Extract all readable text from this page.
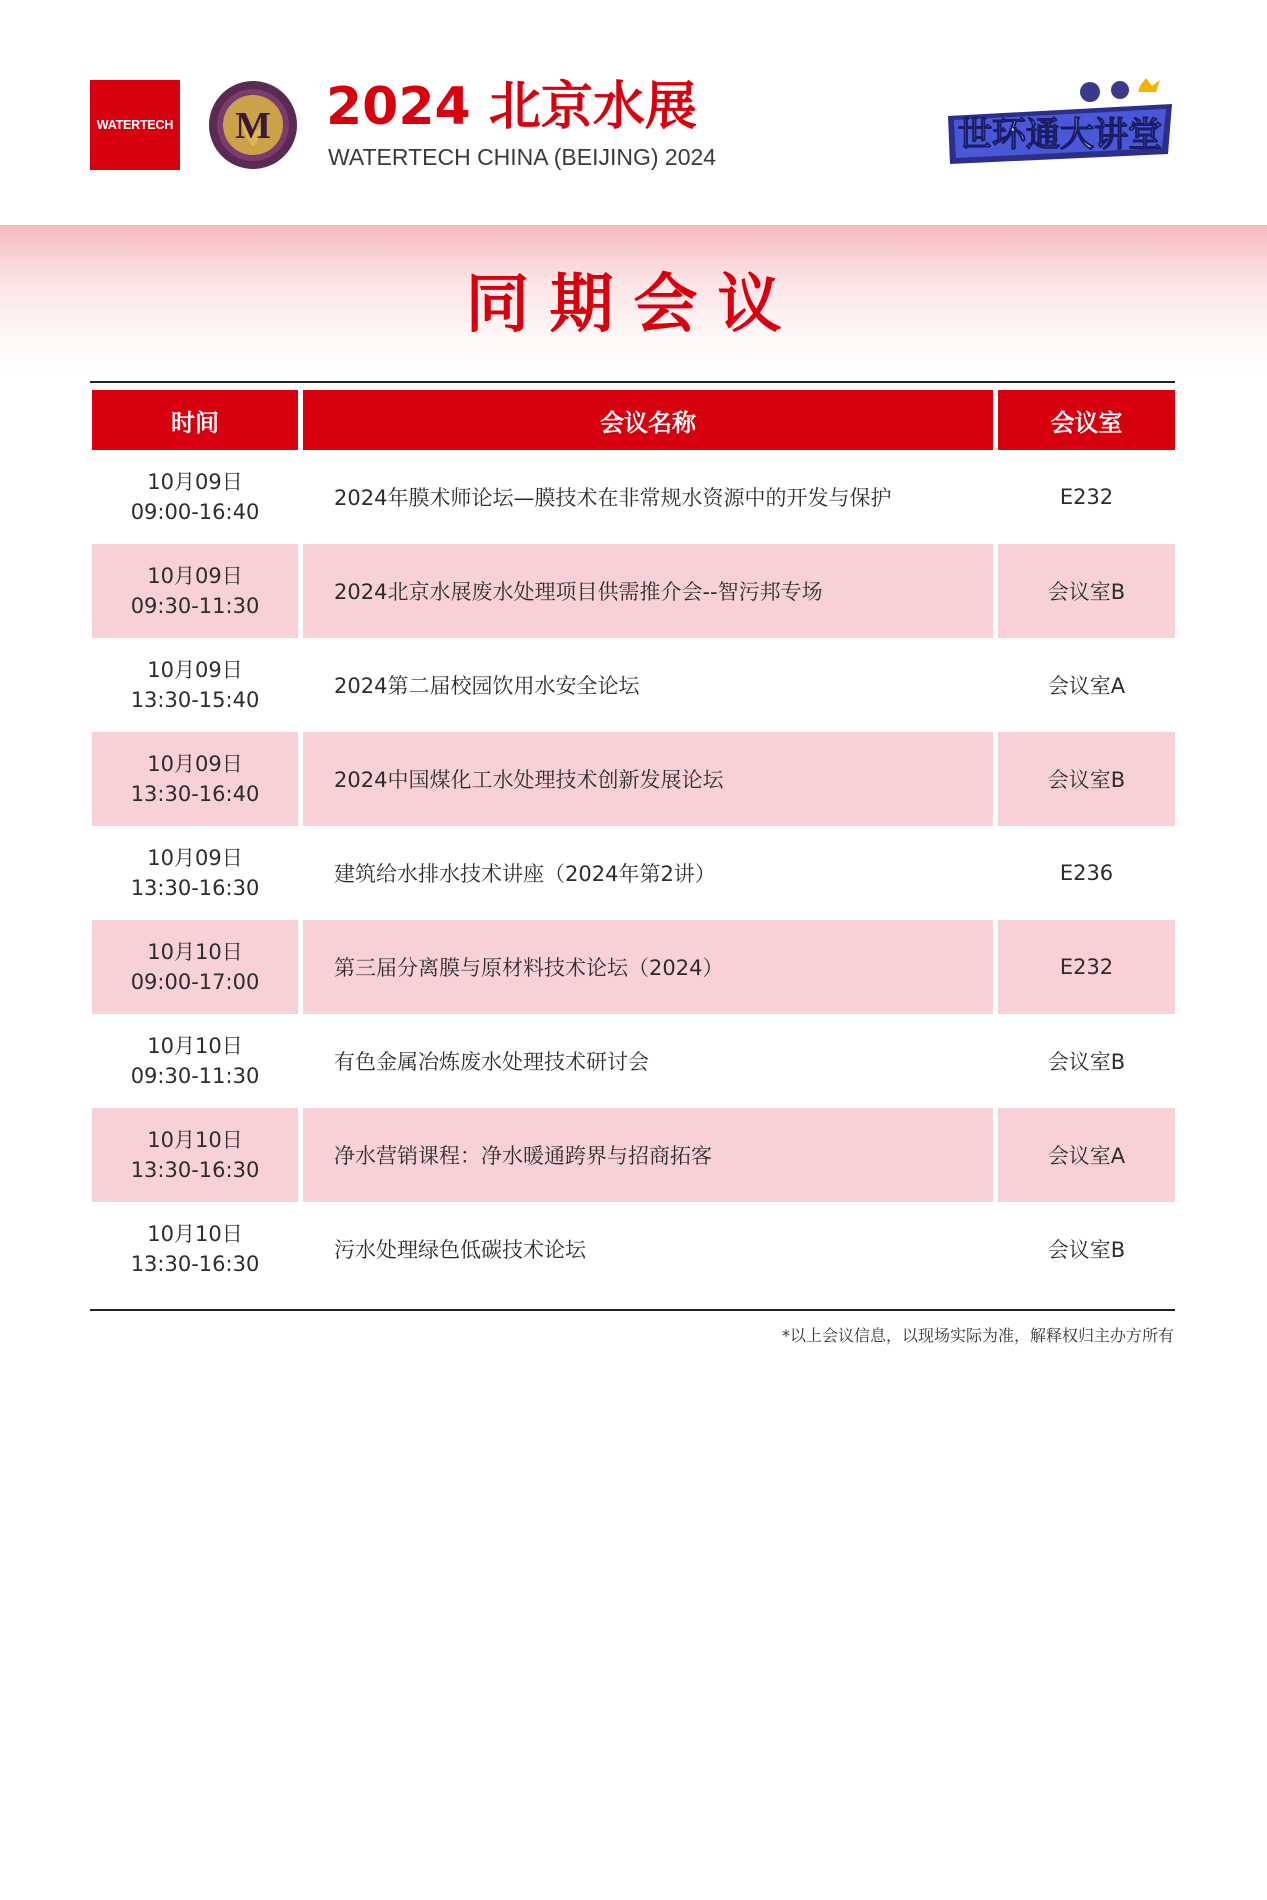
WATERTECH M 2024 北京水展
WATERTECH CHINA (BEIJING) 2024
世环通大讲堂
同期会议
时间	会议名称	会议室
10月09日
09:00-16:40
2024年膜术师论坛—膜技术在非常规水资源中的开发与保护	E232
10月09日
09:30-11:30
2024北京水展废水处理项目供需推介会--智污邦专场	会议室B
10月09日
13:30-15:40
2024第二届校园饮用水安全论坛	会议室A
10月09日
13:30-16:40
2024中国煤化工水处理技术创新发展论坛	会议室B
10月09日
13:30-16:30
建筑给水排水技术讲座（2024年第2讲）	E236
10月10日
09:00-17:00
第三届分离膜与原材料技术论坛（2024）	E232
10月10日
09:30-11:30
有色金属冶炼废水处理技术研讨会	会议室B
10月10日
13:30-16:30
净水营销课程：净水暖通跨界与招商拓客	会议室A
10月10日
13:30-16:30
污水处理绿色低碳技术论坛	会议室B
*以上会议信息，以现场实际为准，解释权归主办方所有
